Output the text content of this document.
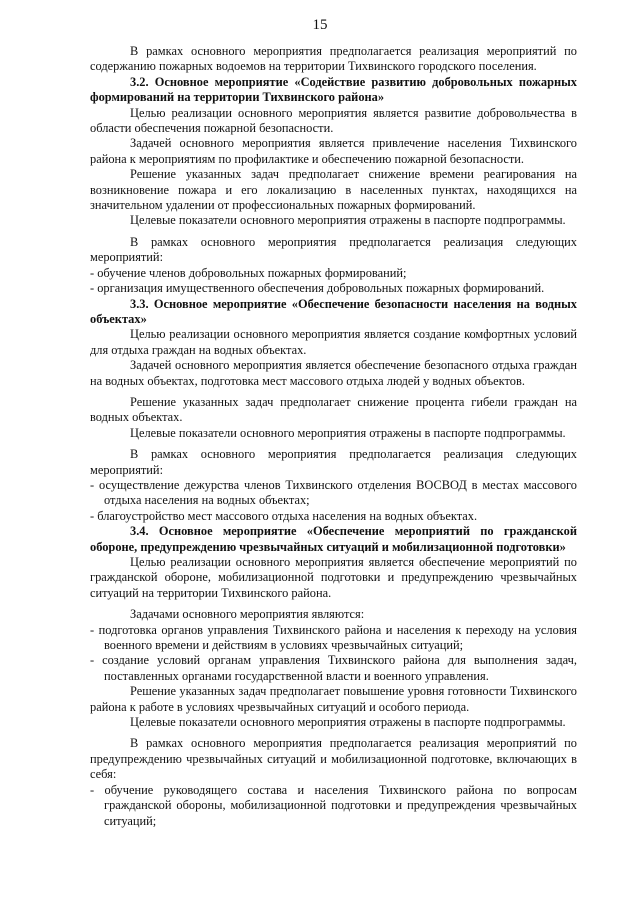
15

В рамках основного мероприятия предполагается реализация мероприятий по содержанию пожарных водоемов на территории Тихвинского городского поселения.

3.2. Основное мероприятие «Содействие развитию добровольных пожарных формирований на территории Тихвинского района»

Целью реализации основного мероприятия является развитие добровольчества в области обеспечения пожарной безопасности.

Задачей основного мероприятия является привлечение населения Тихвинского района к мероприятиям по профилактике и обеспечению пожарной безопасности.

Решение указанных задач предполагает снижение времени реагирования на возникновение пожара и его локализацию в населенных пунктах, находящихся на значительном удалении от профессиональных пожарных формирований.

Целевые показатели основного мероприятия отражены в паспорте подпрограммы.

В рамках основного мероприятия предполагается реализация следующих мероприятий:

- обучение членов добровольных пожарных формирований;

- организация имущественного обеспечения добровольных пожарных формирований.

3.3. Основное мероприятие «Обеспечение безопасности населения на водных объектах»

Целью реализации основного мероприятия является создание комфортных условий для отдыха граждан на водных объектах.

Задачей основного мероприятия является обеспечение безопасного отдыха граждан на водных объектах, подготовка мест массового отдыха людей у водных объектов.

Решение указанных задач предполагает снижение процента гибели граждан на водных объектах.

Целевые показатели основного мероприятия отражены в паспорте подпрограммы.

В рамках основного мероприятия предполагается реализация следующих мероприятий:

- осуществление дежурства членов Тихвинского отделения ВОСВОД в местах массового отдыха населения на водных объектах;

- благоустройство мест массового отдыха населения на водных объектах.

3.4. Основное мероприятие «Обеспечение мероприятий по гражданской обороне, предупреждению чрезвычайных ситуаций и мобилизационной подготовки»

Целью реализации основного мероприятия является обеспечение мероприятий по гражданской обороне, мобилизационной подготовки и предупреждению чрезвычайных ситуаций на территории Тихвинского района.

Задачами основного мероприятия являются:

- подготовка органов управления Тихвинского района и населения к переходу на условия военного времени и действиям в условиях чрезвычайных ситуаций;

- создание условий органам управления Тихвинского района для выполнения задач, поставленных органами государственной власти и военного управления.

Решение указанных задач предполагает повышение уровня готовности Тихвинского района к работе в условиях чрезвычайных ситуаций и особого периода.

Целевые показатели основного мероприятия отражены в паспорте подпрограммы.

В рамках основного мероприятия предполагается реализация мероприятий по предупреждению чрезвычайных ситуаций и мобилизационной подготовке, включающих в себя:

- обучение руководящего состава и населения Тихвинского района по вопросам гражданской обороны, мобилизационной подготовки и предупреждения чрезвычайных ситуаций;
